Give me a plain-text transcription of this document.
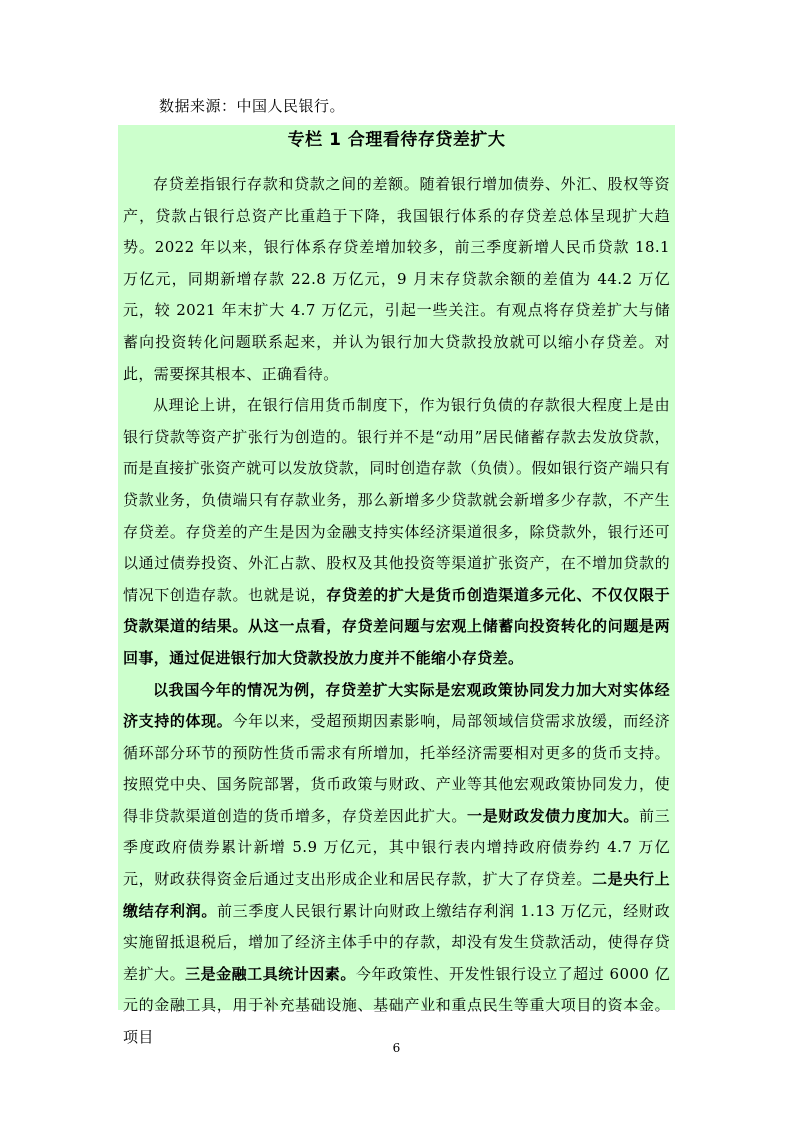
数据来源：中国人民银行。
专栏 1 合理看待存贷差扩大

存贷差指银行存款和贷款之间的差额。随着银行增加债券、外汇、股权等资产，贷款占银行总资产比重趋于下降，我国银行体系的存贷差总体呈现扩大趋势。2022 年以来，银行体系存贷差增加较多，前三季度新增人民币贷款 18.1 万亿元，同期新增存款 22.8 万亿元，9 月末存贷款余额的差值为 44.2 万亿元，较 2021 年末扩大 4.7 万亿元，引起一些关注。有观点将存贷差扩大与储蓄向投资转化问题联系起来，并认为银行加大贷款投放就可以缩小存贷差。对此，需要探其根本、正确看待。

从理论上讲，在银行信用货币制度下，作为银行负债的存款很大程度上是由银行贷款等资产扩张行为创造的。银行并不是“动用”居民储蓄存款去发放贷款，而是直接扩张资产就可以发放贷款，同时创造存款（负债）。假如银行资产端只有贷款业务，负债端只有存款业务，那么新增多少贷款就会新增多少存款，不产生存贷差。存贷差的产生是因为金融支持实体经济渠道很多，除贷款外，银行还可以通过债券投资、外汇占款、股权及其他投资等渠道扩张资产，在不增加贷款的情况下创造存款。也就是说，存贷差的扩大是货币创造渠道多元化、不仅仅限于贷款渠道的结果。从这一点看，存贷差问题与宏观上储蓄向投资转化的问题是两回事，通过促进银行加大贷款投放力度并不能缩小存贷差。

以我国今年的情况为例，存贷差扩大实际是宏观政策协同发力加大对实体经济支持的体现。今年以来，受超预期因素影响，局部领域信贷需求放缓，而经济循环部分环节的预防性货币需求有所增加，托举经济需要相对更多的货币支持。按照党中央、国务院部署，货币政策与财政、产业等其他宏观政策协同发力，使得非贷款渠道创造的货币增多，存贷差因此扩大。一是财政发债力度加大。前三季度政府债券累计新增 5.9 万亿元，其中银行表内增持政府债券约 4.7 万亿元，财政获得资金后通过支出形成企业和居民存款，扩大了存贷差。二是央行上缴结存利润。前三季度人民银行累计向财政上缴结存利润 1.13 万亿元，经财政实施留抵退税后，增加了经济主体手中的存款，却没有发生贷款活动，使得存贷差扩大。三是金融工具统计因素。今年政策性、开发性银行设立了超过 6000 亿元的金融工具，用于补充基础设施、基础产业和重点民生等重大项目的资本金。项目

6
